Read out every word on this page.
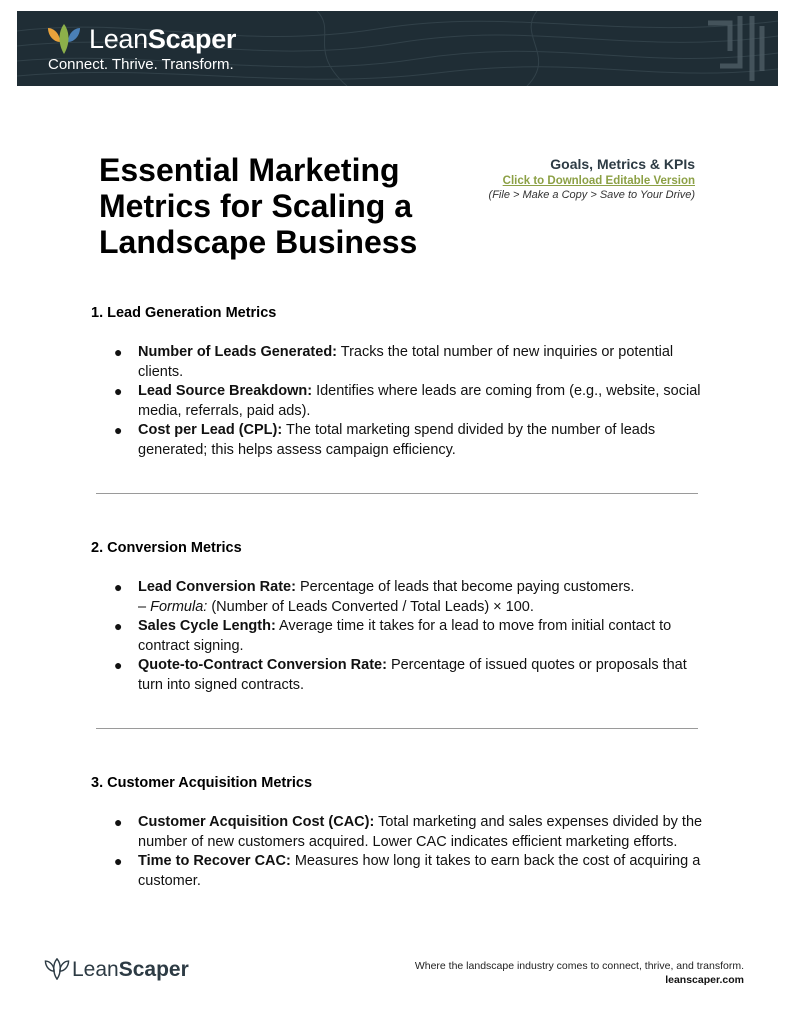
LeanScaper
Connect. Thrive. Transform.
Essential Marketing Metrics for Scaling a Landscape Business
Goals, Metrics & KPIs
Click to Download Editable Version
(File > Make a Copy > Save to Your Drive)
1. Lead Generation Metrics
● Number of Leads Generated: Tracks the total number of new inquiries or potential clients.
● Lead Source Breakdown: Identifies where leads are coming from (e.g., website, social media, referrals, paid ads).
● Cost per Lead (CPL): The total marketing spend divided by the number of leads generated; this helps assess campaign efficiency.
2. Conversion Metrics
● Lead Conversion Rate: Percentage of leads that become paying customers.
– Formula: (Number of Leads Converted / Total Leads) × 100.
● Sales Cycle Length: Average time it takes for a lead to move from initial contact to contract signing.
● Quote-to-Contract Conversion Rate: Percentage of issued quotes or proposals that turn into signed contracts.
3. Customer Acquisition Metrics
● Customer Acquisition Cost (CAC): Total marketing and sales expenses divided by the number of new customers acquired. Lower CAC indicates efficient marketing efforts.
● Time to Recover CAC: Measures how long it takes to earn back the cost of acquiring a customer.
LeanScaper	Where the landscape industry comes to connect, thrive, and transform.
leanscaper.com
